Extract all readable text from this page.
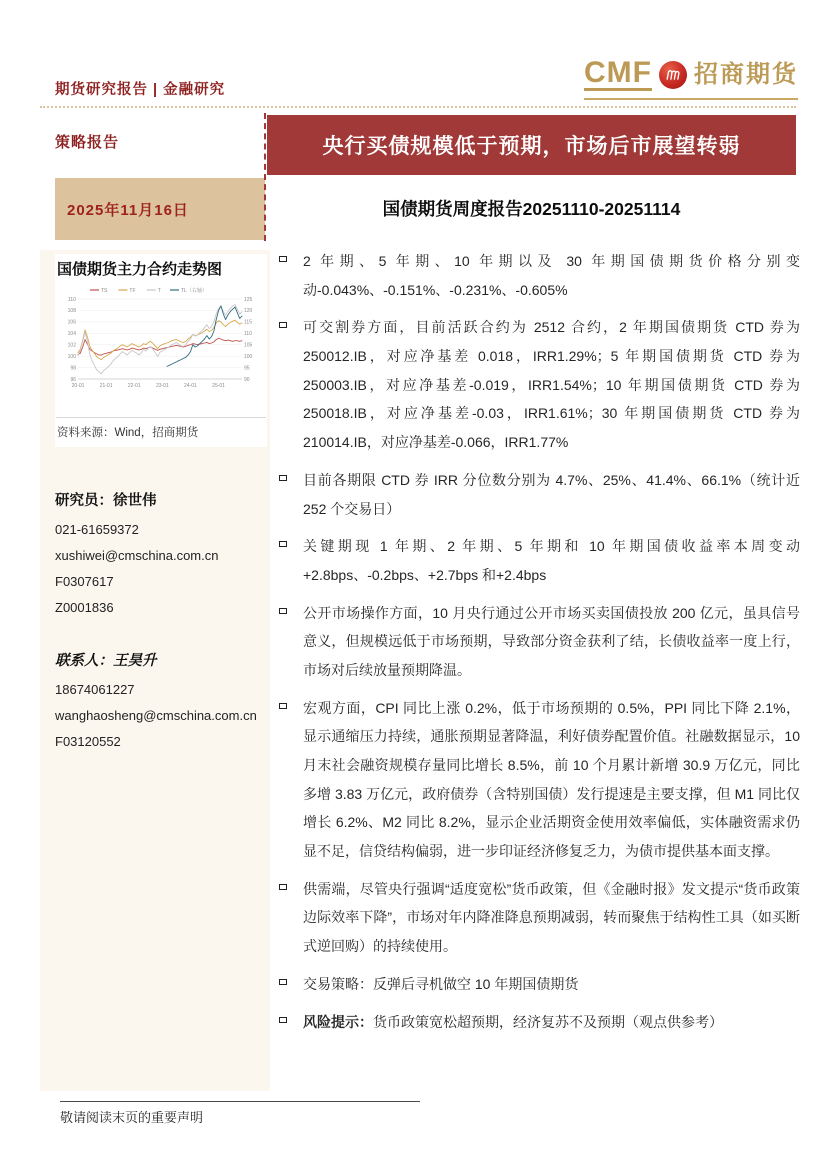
期货研究报告 | 金融研究
CMF 招商期货
策略报告	央行买债规模低于预期，市场后市展望转弱
2025年11月16日	国债期货周度报告20251110-20251114
国债期货主力合约走势图
96
98
100
102
104
106
108
110
90
95
100
105
110
115
120
125
20-01	21-01	22-01	23-01	24-01	25-01
TS	TF	T	TL（右轴）
资料来源：Wind，招商期货
研究员：徐世伟
021-61659372
xushiwei@cmschina.com.cn
F0307617
Z0001836
联系人：王昊升
18674061227
wanghaosheng@cmschina.com.cn
F03120552
2 年期、5 年期、10 年期以及 30 年期国债期货价格分别变动-0.043%、-0.151%、-0.231%、-0.605%
可交割券方面，目前活跃合约为 2512 合约，2 年期国债期货 CTD 券为 250012.IB，对应净基差 0.018，IRR1.29%；5 年期国债期货 CTD 券为 250003.IB，对应净基差-0.019，IRR1.54%；10 年期国债期货 CTD 券为 250018.IB，对应净基差-0.03，IRR1.61%；30 年期国债期货 CTD 券为 210014.IB，对应净基差-0.066，IRR1.77%
目前各期限 CTD 券 IRR 分位数分别为 4.7%、25%、41.4%、66.1%（统计近 252 个交易日）
关键期现 1 年期、2 年期、5 年期和 10 年期国债收益率本周变动+2.8bps、-0.2bps、+2.7bps 和+2.4bps
公开市场操作方面，10 月央行通过公开市场买卖国债投放 200 亿元，虽具信号意义，但规模远低于市场预期，导致部分资金获利了结，长债收益率一度上行，市场对后续放量预期降温。
宏观方面，CPI 同比上涨 0.2%，低于市场预期的 0.5%，PPI 同比下降 2.1%，显示通缩压力持续，通胀预期显著降温，利好债券配置价值。社融数据显示，10 月末社会融资规模存量同比增长 8.5%，前 10 个月累计新增 30.9 万亿元，同比多增 3.83 万亿元，政府债券（含特别国债）发行提速是主要支撑，但 M1 同比仅增长 6.2%、M2 同比 8.2%，显示企业活期资金使用效率偏低，实体融资需求仍显不足，信贷结构偏弱，进一步印证经济修复乏力，为债市提供基本面支撑。
供需端，尽管央行强调“适度宽松”货币政策，但《金融时报》发文提示“货币政策边际效率下降”，市场对年内降准降息预期减弱，转而聚焦于结构性工具（如买断式逆回购）的持续使用。
交易策略：反弹后寻机做空 10 年期国债期货
风险提示：货币政策宽松超预期，经济复苏不及预期（观点供参考）
敬请阅读末页的重要声明
